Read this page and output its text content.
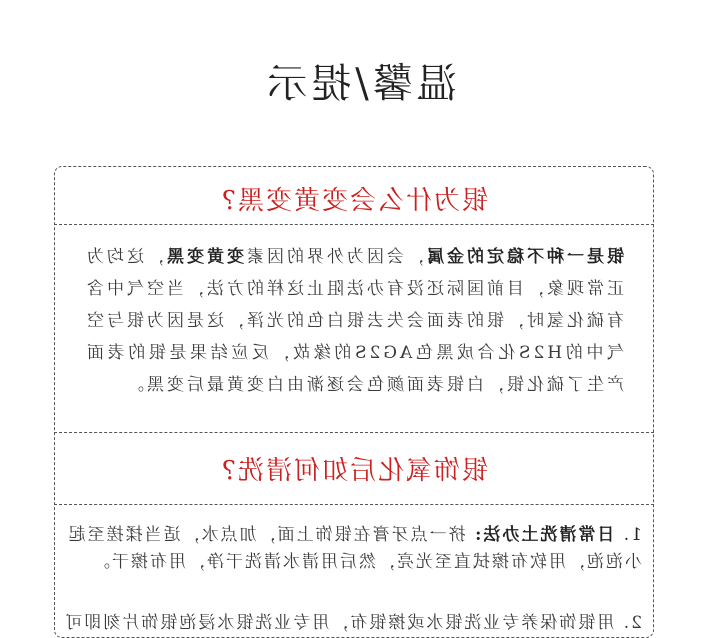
温馨/提示
银为什么会变黄变黑?
银是一种不稳定的金属，会因为外界的因素变黄变黑，这均为正常现象，目前国际还没有办法阻止这样的方法，当空气中含有硫化氢时，银的表面会失去银白色的光泽，这是因为银与空气中的H2S化合成黑色AG2S的缘故，反应结果是银的表面产生了硫化银，白银表面颜色会逐渐由白变黄最后变黑。
银饰氧化后如何清洗?
1. 日常清洗土办法: 挤一点牙膏在银饰上面，加点水，适当揉搓至起小泡泡，用软布擦拭直至光亮，然后用清水清洗干净，用布擦干。
2. 用银饰保养专业洗银水或擦银布，用专业洗银水浸泡银饰片刻即可
